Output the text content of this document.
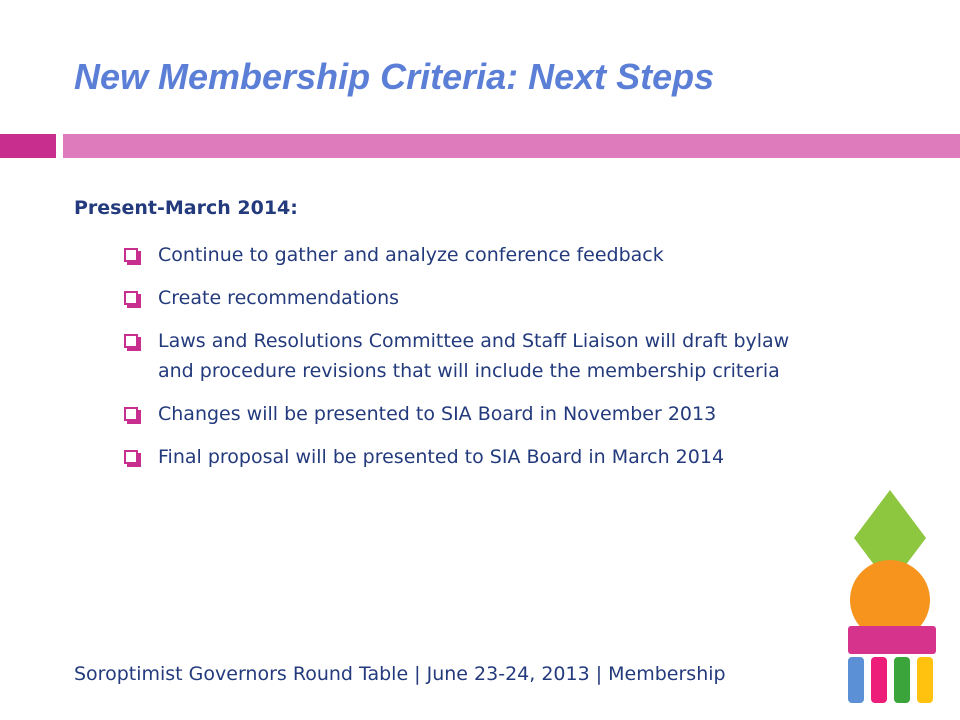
New Membership Criteria: Next Steps
Present-March 2014:
Continue to gather and analyze conference feedback
Create recommendations
Laws and Resolutions Committee and Staff Liaison will draft bylaw and procedure revisions that will include the membership criteria
Changes will be presented to SIA Board in November 2013
Final proposal will be presented to SIA Board in March 2014
Soroptimist Governors Round Table | June 23-24, 2013 | Membership
